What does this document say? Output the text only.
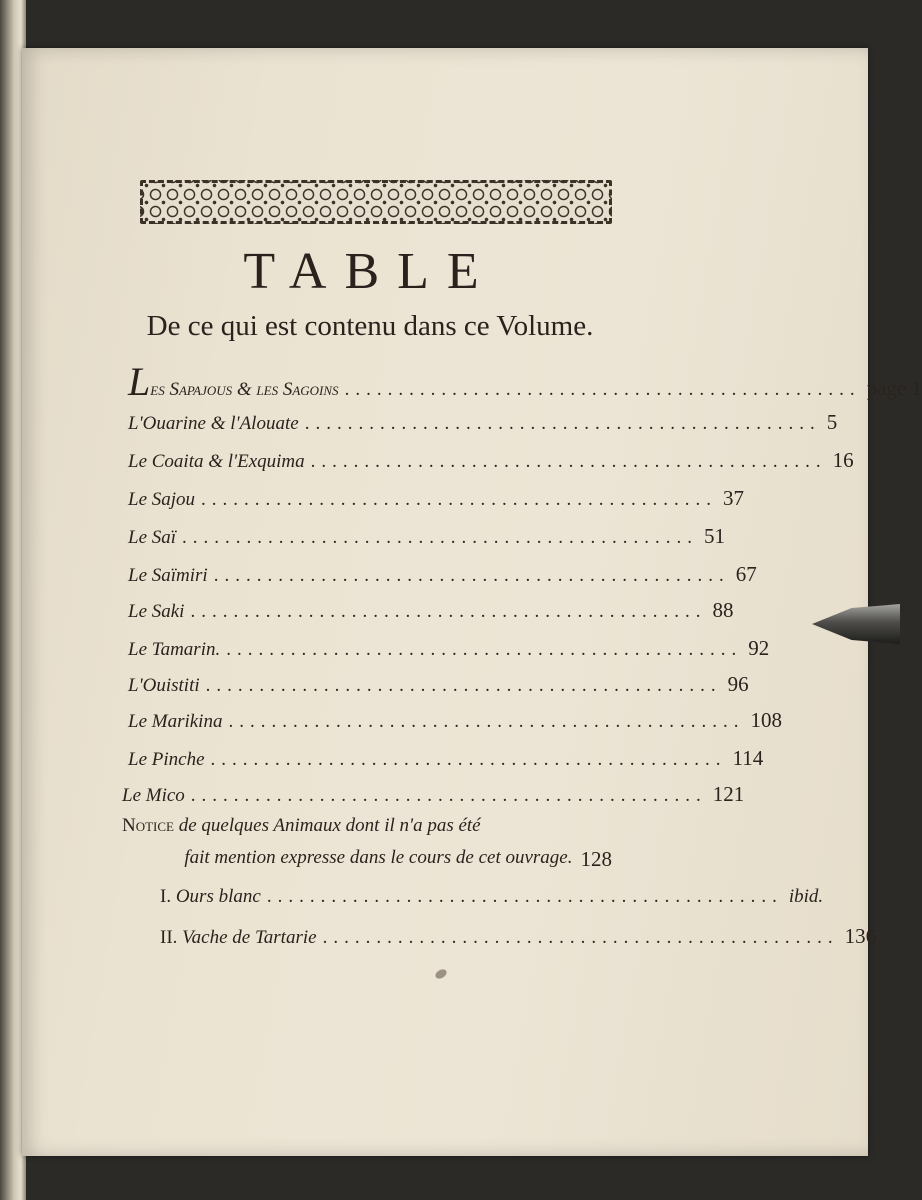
TABLE
De ce qui est contenu dans ce Volume.
Les Sapajous & les Sagoins ................................................ page 1
L'Ouarine & l'Alouate ................................................ 5
Le Coaita & l'Exquima ................................................ 16
Le Sajou ................................................ 37
Le Saï ................................................ 51
Le Saïmiri ................................................ 67
Le Saki ................................................ 88
Le Tamarin. ................................................ 92
L'Ouistiti ................................................ 96
Le Marikina ................................................ 108
Le Pinche ................................................ 114
Le Mico ................................................ 121
Notice de quelques Animaux dont il n'a pas été
fait mention expresse dans le cours de cet ouvrage. 128
I. Ours blanc ................................................ ibid.
II. Vache de Tartarie ................................................ 136
